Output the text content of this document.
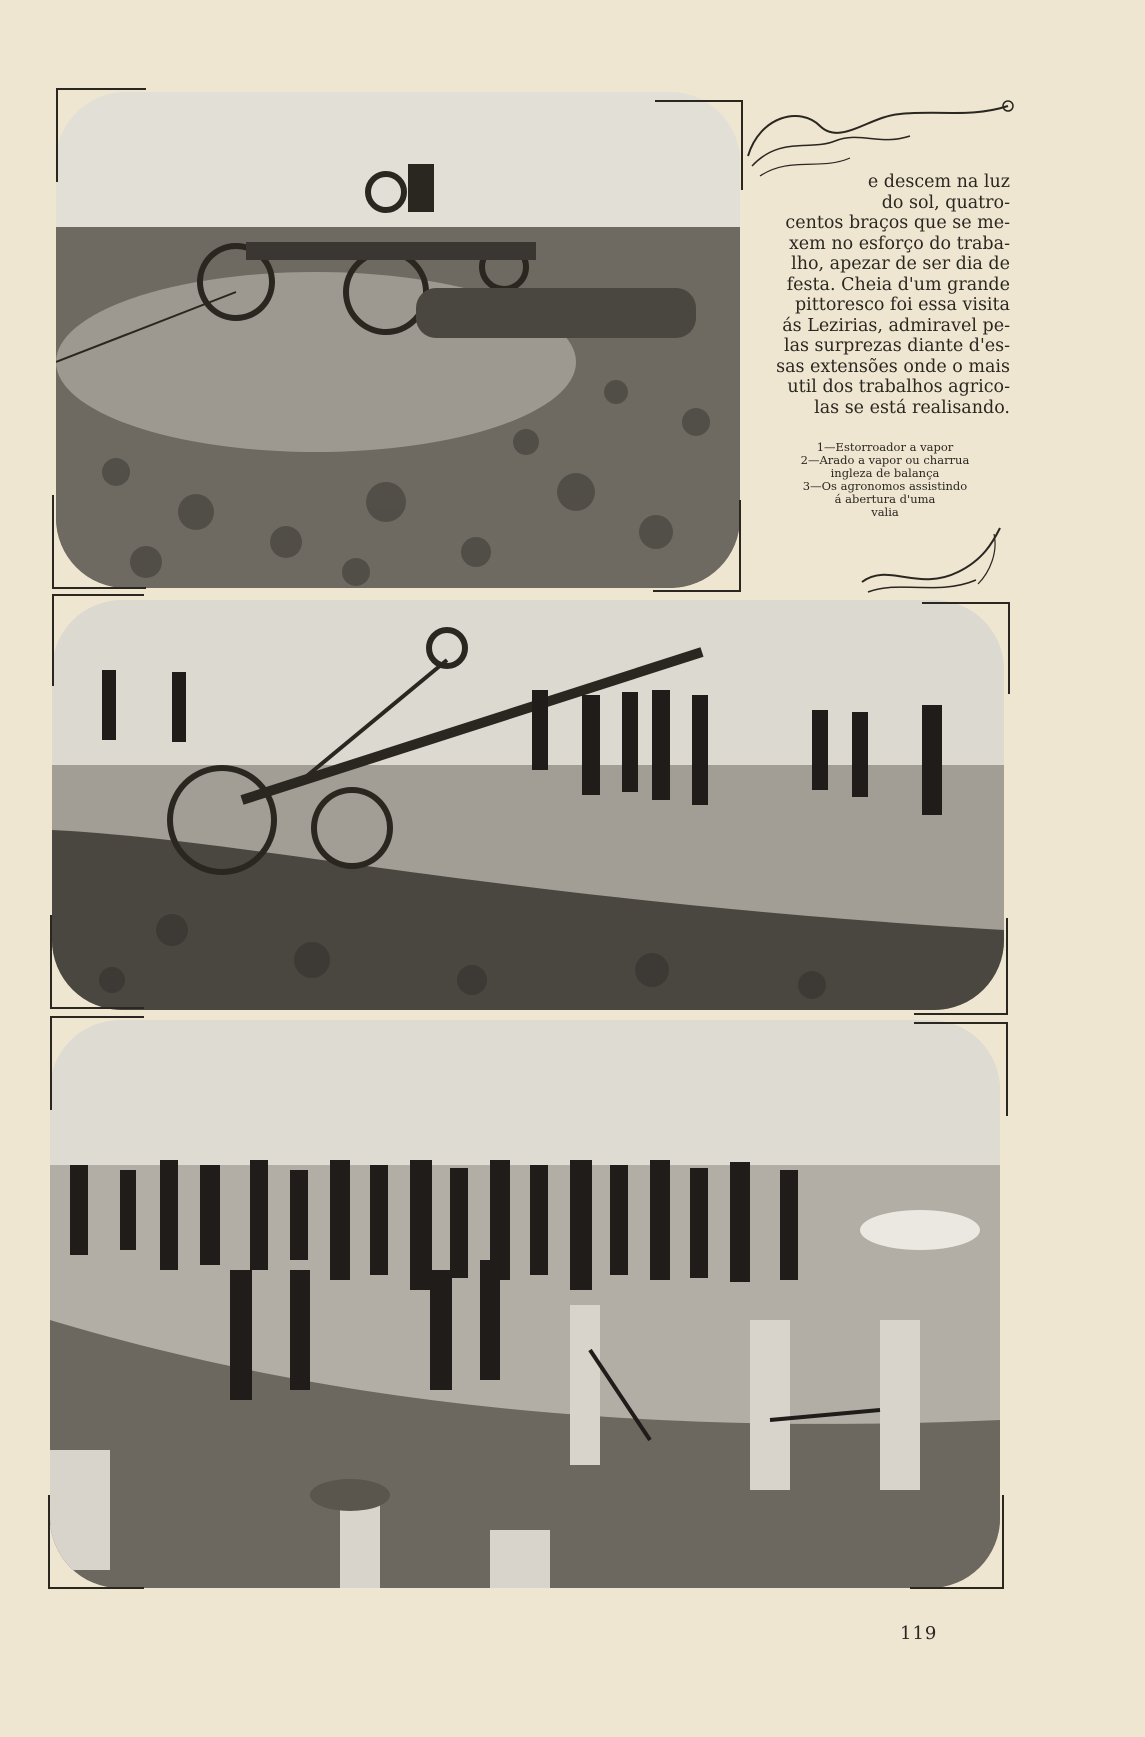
e descem na luz
do sol, quatro-
centos braços que se me-
xem no esforço do traba-
lho, apezar de ser dia de
festa. Cheia d'um grande
pittoresco foi essa visita
ás Lezirias, admiravel pe-
las surprezas diante d'es-
sas extensões onde o mais
util dos trabalhos agrico-
las se está realisando.
1—Estorroador a vapor
2—Arado a vapor ou charrua
ingleza de balança
3—Os agronomos assistindo
á abertura d'uma
valia
119
